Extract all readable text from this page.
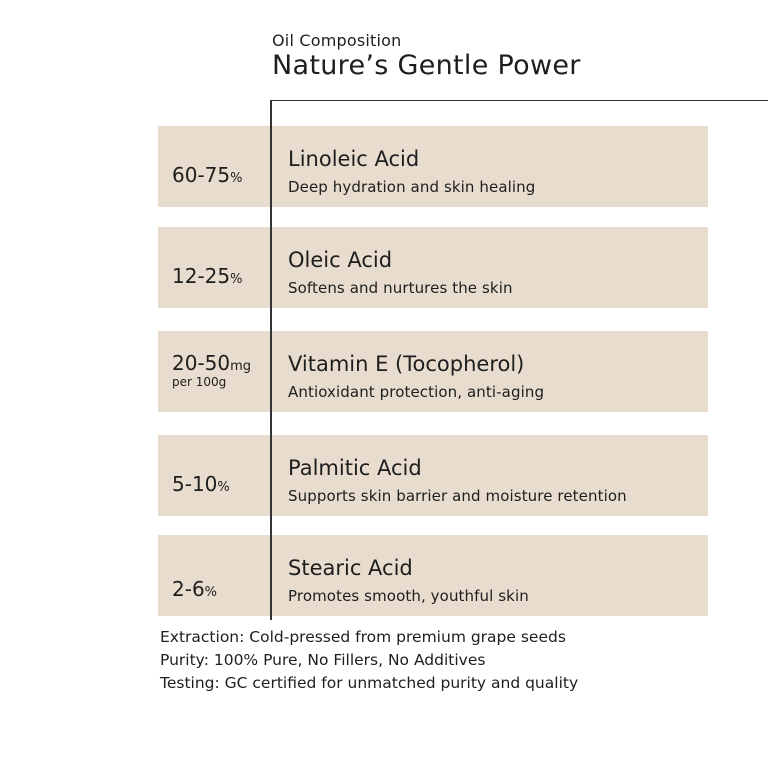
Oil Composition
Nature’s Gentle Power
60-75%
Linoleic Acid
Deep hydration and skin healing
12-25%
Oleic Acid
Softens and nurtures the skin
20-50mg
per 100g
Vitamin E (Tocopherol)
Antioxidant protection, anti-aging
5-10%
Palmitic Acid
Supports skin barrier and moisture retention
2-6%
Stearic Acid
Promotes smooth, youthful skin
Extraction: Cold-pressed from premium grape seeds
Purity: 100% Pure, No Fillers, No Additives
Testing: GC certified for unmatched purity and quality
